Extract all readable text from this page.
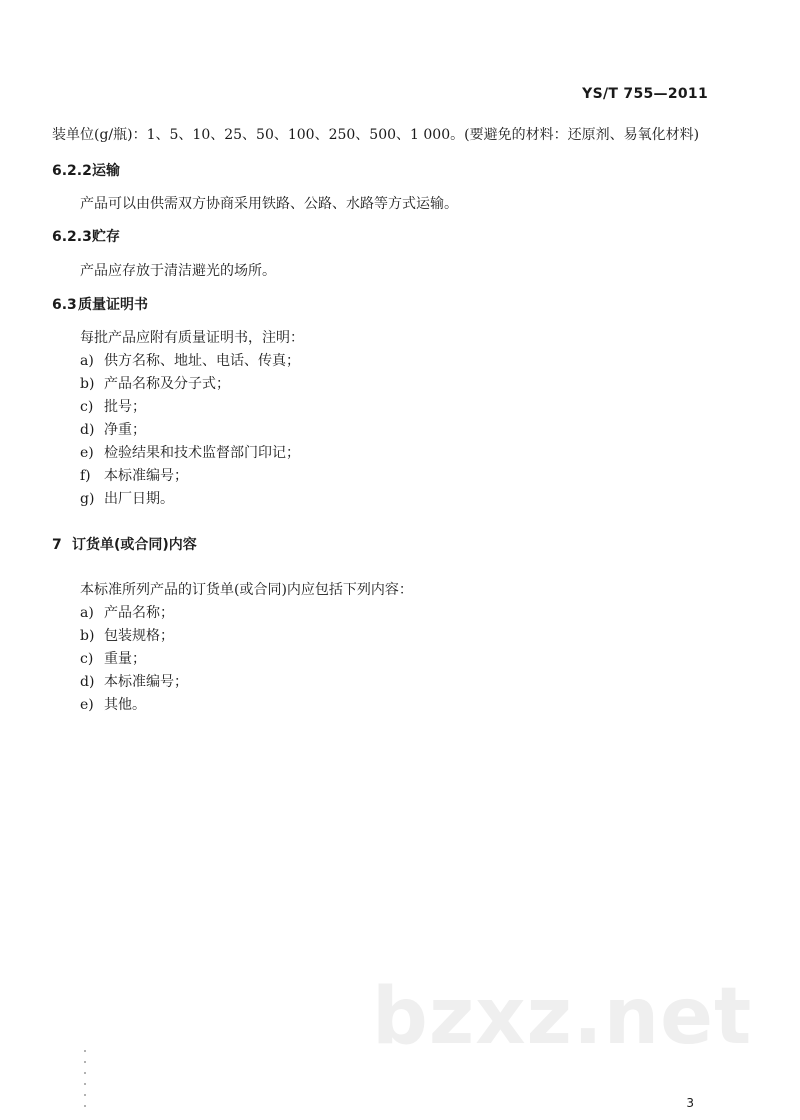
YS/T 755—2011
装单位(g/瓶)：1、5、10、25、50、100、250、500、1 000。(要避免的材料：还原剂、易氧化材料)
6.2.2运输
产品可以由供需双方协商采用铁路、公路、水路等方式运输。
6.2.3贮存
产品应存放于清洁避光的场所。
6.3质量证明书
每批产品应附有质量证明书，注明：
a) 供方名称、地址、电话、传真；
b) 产品名称及分子式；
c) 批号；
d) 净重；
e) 检验结果和技术监督部门印记；
f) 本标准编号；
g) 出厂日期。
7 订货单(或合同)内容
本标准所列产品的订货单(或合同)内应包括下列内容：
a) 产品名称；
b) 包装规格；
c) 重量；
d) 本标准编号；
e) 其他。
bzxz.net
3
